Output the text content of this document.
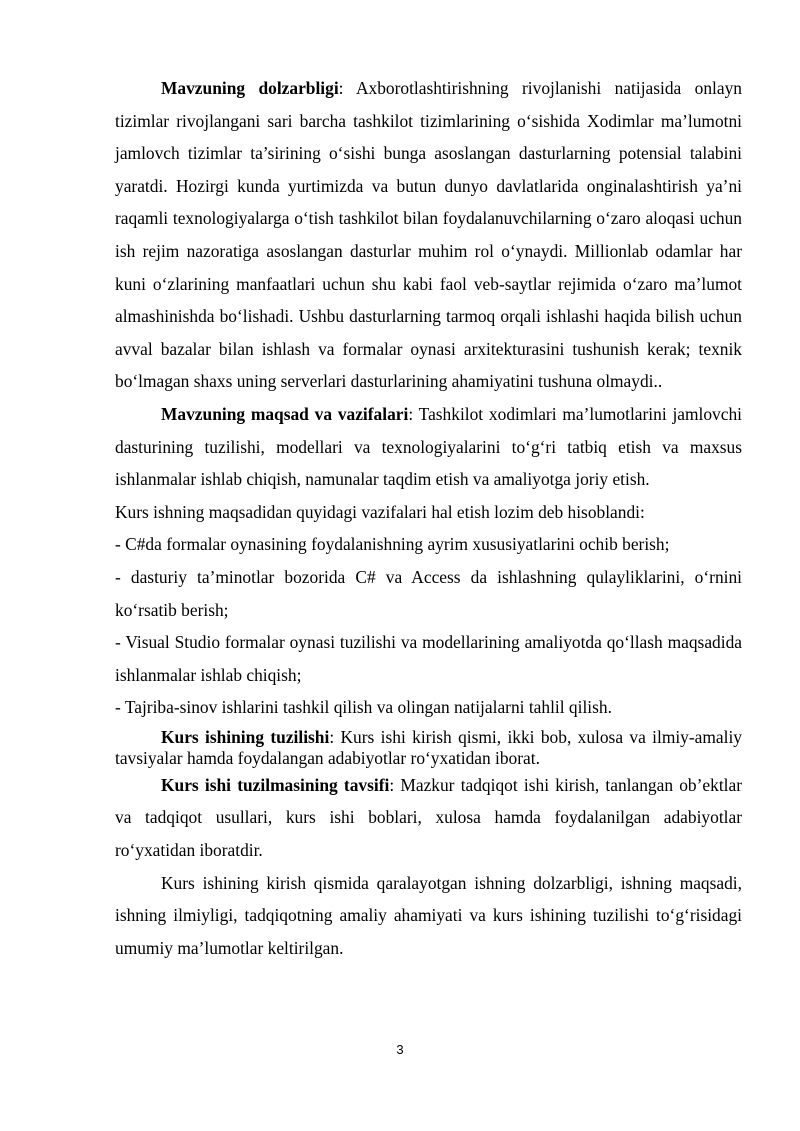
Mavzuning dolzarbligi: Axborotlashtirishning rivojlanishi natijasida onlayn tizimlar rivojlangani sari barcha tashkilot tizimlarining o‘sishida Xodimlar ma’lumotni jamlovch tizimlar ta’sirining o‘sishi bunga asoslangan dasturlarning potensial talabini yaratdi. Hozirgi kunda yurtimizda va butun dunyo davlatlarida onginalashtirish ya’ni raqamli texnologiyalarga o‘tish tashkilot bilan foydalanuvchilarning o‘zaro aloqasi uchun ish rejim nazoratiga asoslangan dasturlar muhim rol o‘ynaydi. Millionlab odamlar har kuni o‘zlarining manfaatlari uchun shu kabi faol veb-saytlar rejimida o‘zaro ma’lumot almashinishda bo‘lishadi. Ushbu dasturlarning tarmoq orqali ishlashi haqida bilish uchun avval bazalar bilan ishlash va formalar oynasi arxitekturasini tushunish kerak; texnik bo‘lmagan shaxs uning serverlari dasturlarining ahamiyatini tushuna olmaydi..

Mavzuning maqsad va vazifalari: Tashkilot xodimlari ma’lumotlarini jamlovchi dasturining tuzilishi, modellari va texnologiyalarini to‘g‘ri tatbiq etish va maxsus ishlanmalar ishlab chiqish, namunalar taqdim etish va amaliyotga joriy etish.

Kurs ishning maqsadidan quyidagi vazifalari hal etish lozim deb hisoblandi:

- C#da formalar oynasining foydalanishning ayrim xususiyatlarini ochib berish;

- dasturiy ta’minotlar bozorida C# va Access da ishlashning qulayliklarini, o‘rnini ko‘rsatib berish;

- Visual Studio formalar oynasi tuzilishi va modellarining amaliyotda qo‘llash maqsadida ishlanmalar ishlab chiqish;

- Tajriba-sinov ishlarini tashkil qilish va olingan natijalarni tahlil qilish.

Kurs ishining tuzilishi: Kurs ishi kirish qismi, ikki bob, xulosa va ilmiy-amaliy tavsiyalar hamda foydalangan adabiyotlar ro‘yxatidan iborat.

Kurs ishi tuzilmasining tavsifi: Mazkur tadqiqot ishi kirish, tanlangan ob’ektlar va tadqiqot usullari, kurs ishi boblari, xulosa hamda foydalanilgan adabiyotlar ro‘yxatidan iboratdir.

Kurs ishining kirish qismida qaralayotgan ishning dolzarbligi, ishning maqsadi, ishning ilmiyligi, tadqiqotning amaliy ahamiyati va kurs ishining tuzilishi to‘g‘risidagi umumiy ma’lumotlar keltirilgan.

3
